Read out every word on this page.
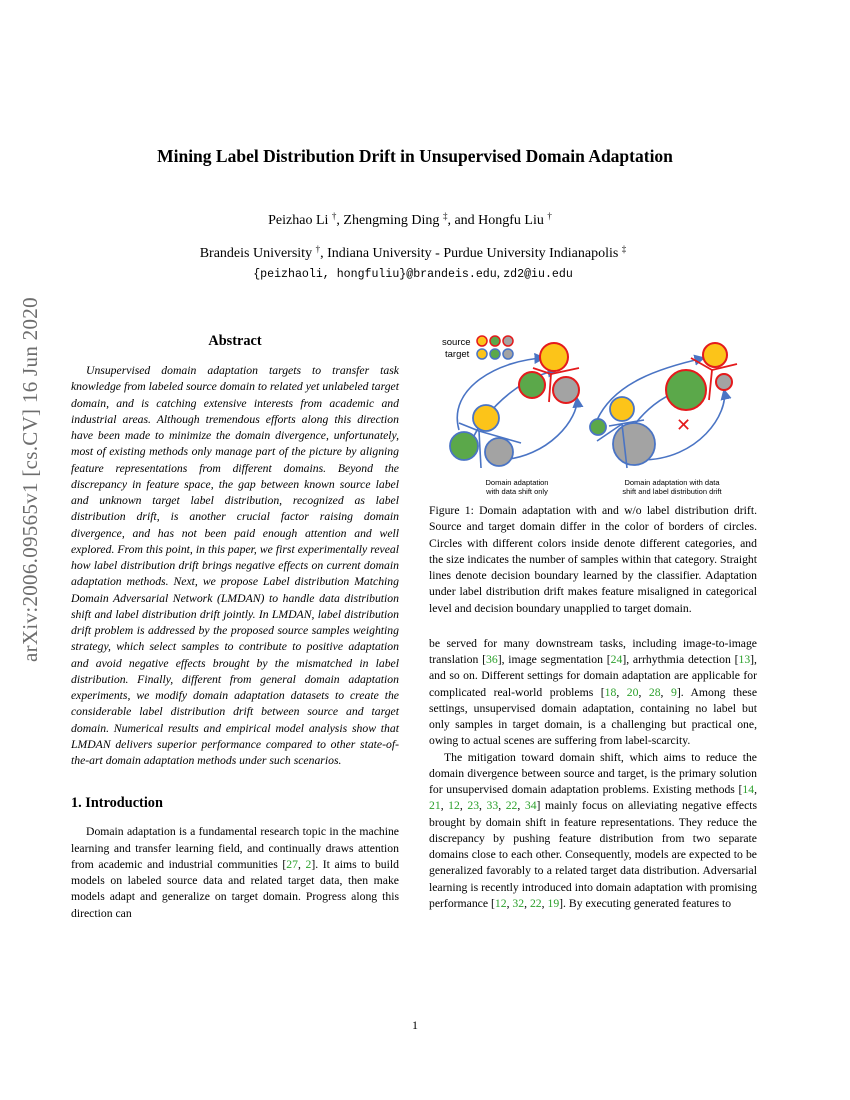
arXiv:2006.09565v1 [cs.CV] 16 Jun 2020
Mining Label Distribution Drift in Unsupervised Domain Adaptation
Peizhao Li †, Zhengming Ding ‡, and Hongfu Liu †
Brandeis University †, Indiana University - Purdue University Indianapolis ‡
{peizhaoli, hongfuliu}@brandeis.edu, zd2@iu.edu
Abstract

Unsupervised domain adaptation targets to transfer task knowledge from labeled source domain to related yet unlabeled target domain, and is catching extensive interests from academic and industrial areas. Although tremendous efforts along this direction have been made to minimize the domain divergence, unfortunately, most of existing methods only manage part of the picture by aligning feature representations from different domains. Beyond the discrepancy in feature space, the gap between known source label and unknown target label distribution, recognized as label distribution drift, is another crucial factor raising domain divergence, and has not been paid enough attention and well explored. From this point, in this paper, we first experimentally reveal how label distribution drift brings negative effects on current domain adaptation methods. Next, we propose Label distribution Matching Domain Adversarial Network (LMDAN) to handle data distribution shift and label distribution drift jointly. In LMDAN, label distribution drift problem is addressed by the proposed source samples weighting strategy, which select samples to contribute to positive adaptation and avoid negative effects brought by the mismatched in label distribution. Finally, different from general domain adaptation experiments, we modify domain adaptation datasets to create the considerable label distribution drift between source and target domain. Numerical results and empirical model analysis show that LMDAN delivers superior performance compared to other state-of-the-art domain adaptation methods under such scenarios.

1. Introduction

Domain adaptation is a fundamental research topic in the machine learning and transfer learning field, and continually draws attention from academic and industrial communities [27, 2]. It aims to build models on labeled source data and related target data, then make models adapt and generalize on target domain. Progress along this direction can

source
target
✕
Domain adaptation
with data shift only
Domain adaptation with data
shift and label distribution drift

Figure 1: Domain adaptation with and w/o label distribution drift. Source and target domain differ in the color of borders of circles. Circles with different colors inside denote different categories, and the size indicates the number of samples within that category. Straight lines denote decision boundary learned by the classifier. Adaptation under label distribution drift makes feature misaligned in categorical level and decision boundary unapplied to target domain.

be served for many downstream tasks, including image-to-image translation [36], image segmentation [24], arrhythmia detection [13], and so on. Different settings for domain adaptation are applicable for complicated real-world problems [18, 20, 28, 9]. Among these settings, unsupervised domain adaptation, containing no label but only samples in target domain, is a challenging but practical one, owing to actual scenes are suffering from label-scarcity.

The mitigation toward domain shift, which aims to reduce the domain divergence between source and target, is the primary solution for unsupervised domain adaptation problems. Existing methods [14, 21, 12, 23, 33, 22, 34] mainly focus on alleviating negative effects brought by domain shift in feature representations. They reduce the discrepancy by pushing feature distribution from two separate domains close to each other. Consequently, models are expected to be generalized favorably to a related target data distribution. Adversarial learning is recently introduced into domain adaptation with promising performance [12, 32, 22, 19]. By executing generated features to

1
